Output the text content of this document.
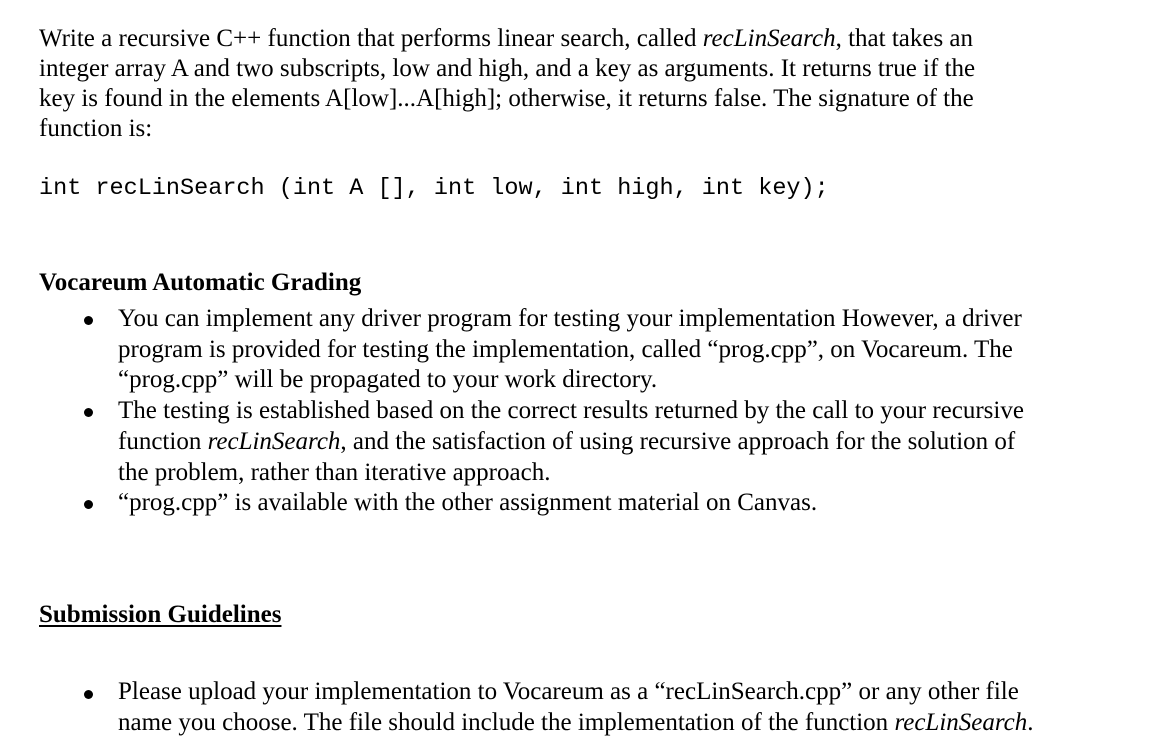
Write a recursive C++ function that performs linear search, called recLinSearch, that takes an
integer array A and two subscripts, low and high, and a key as arguments. It returns true if the
key is found in the elements A[low]...A[high]; otherwise, it returns false. The signature of the
function is:

int recLinSearch (int A [], int low, int high, int key);
Vocareum Automatic Grading
You can implement any driver program for testing your implementation However, a driver
program is provided for testing the implementation, called “prog.cpp”, on Vocareum. The
“prog.cpp” will be propagated to your work directory.
The testing is established based on the correct results returned by the call to your recursive
function recLinSearch, and the satisfaction of using recursive approach for the solution of
the problem, rather than iterative approach.
“prog.cpp” is available with the other assignment material on Canvas.
Submission Guidelines
Please upload your implementation to Vocareum as a “recLinSearch.cpp” or any other file
name you choose. The file should include the implementation of the function recLinSearch.
